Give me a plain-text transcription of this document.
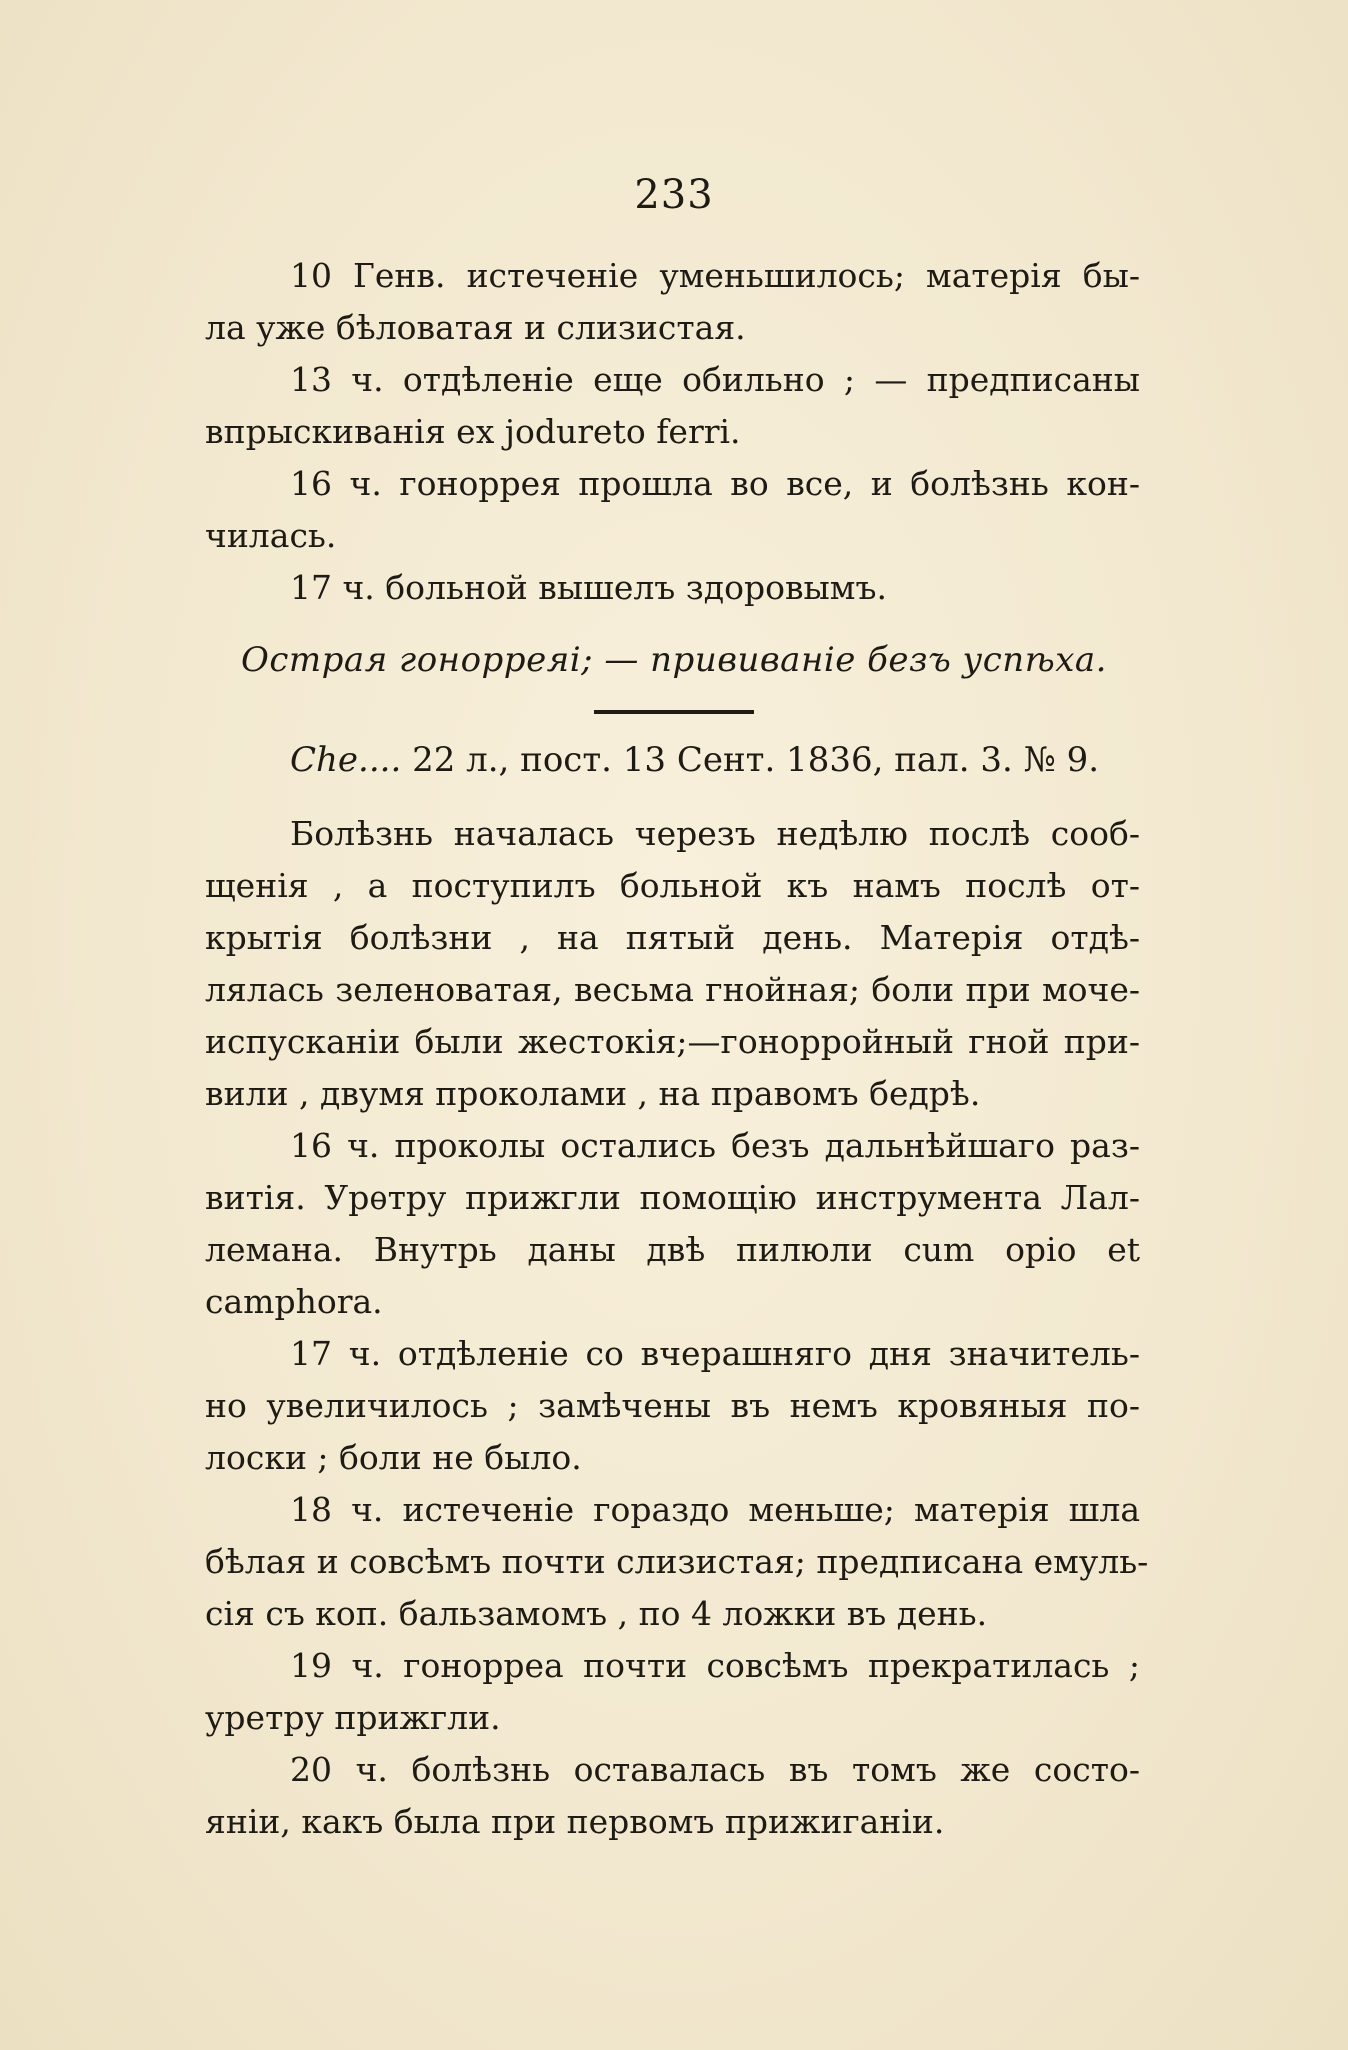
233
10 Генв. истеченіе уменьшилось; матерія бы-
ла уже бѣловатая и слизистая.
13 ч. отдѣленіе еще обильно ; — предписаны
впрыскиванія ex jodureto ferri.
16 ч. гоноррея прошла во все, и болѣзнь кон-
чилась.
17 ч. больной вышелъ здоровымъ.
Острая гонорреяi; — прививанie безъ успѣха.
Che.... 22 л., пост. 13 Сент. 1836, пал. 3. № 9.
Болѣзнь началась черезъ недѣлю послѣ сооб-
щенія , а поступилъ больной къ намъ послѣ от-
крытія болѣзни , на пятый день. Матерія отдѣ-
лялась зеленоватая, весьма гнойная; боли при моче-
испусканіи были жестокія;—гонорройный гной при-
вили , двумя проколами , на правомъ бедрѣ.
16 ч. проколы остались безъ дальнѣйшаго раз-
витія. Урѳтру прижгли помощію инструмента Лал-
лемана. Внутрь даны двѣ пилюли cum opio et
camphora.
17 ч. отдѣленіе со вчерашняго дня значитель-
но увеличилось ; замѣчены въ немъ кровяныя по-
лоски ; боли не было.
18 ч. истеченіе гораздо меньше; матерія шла
бѣлая и совсѣмъ почти слизистая; предписана емуль-
сія съ коп. бальзамомъ , по 4 ложки въ день.
19 ч. гонорреа почти совсѣмъ прекратилась ;
уретру прижгли.
20 ч. болѣзнь оставалась въ томъ же состо-
яніи, какъ была при первомъ прижиганіи.
